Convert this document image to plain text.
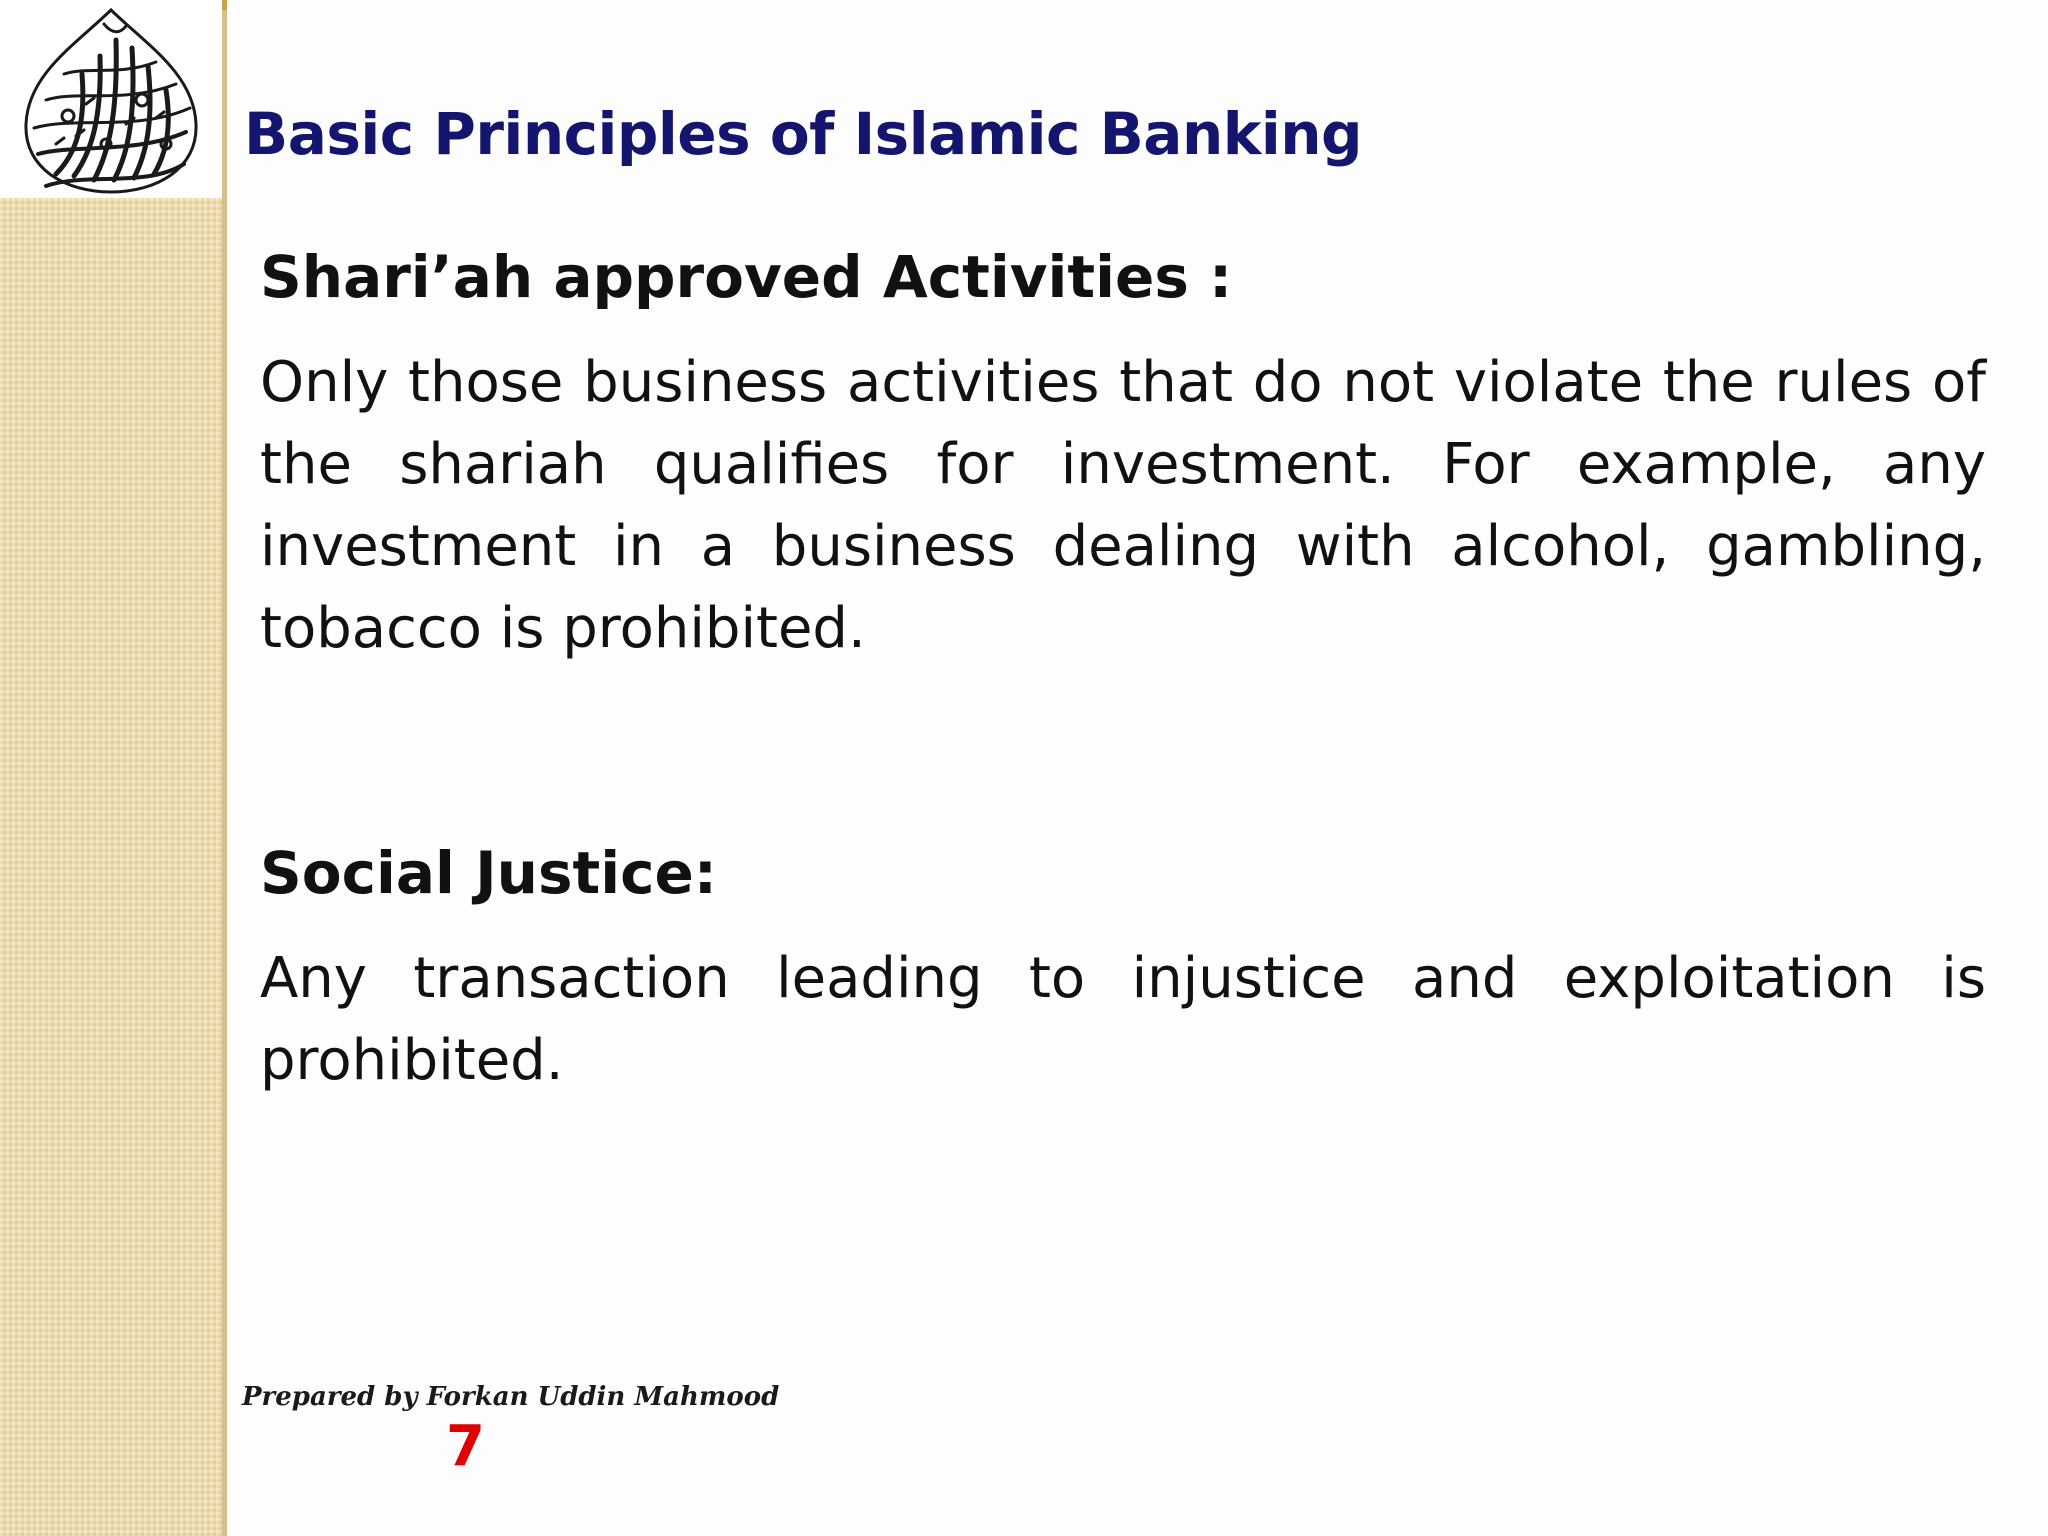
Basic Principles of Islamic Banking
Shari’ah approved Activities :

Only those business activities that do not violate the rules of the shariah qualifies for investment. For example, any investment in a business dealing with alcohol, gambling, tobacco is prohibited.

Social Justice:

Any transaction leading to injustice and exploitation is prohibited.

Prepared by Forkan Uddin Mahmood
7
